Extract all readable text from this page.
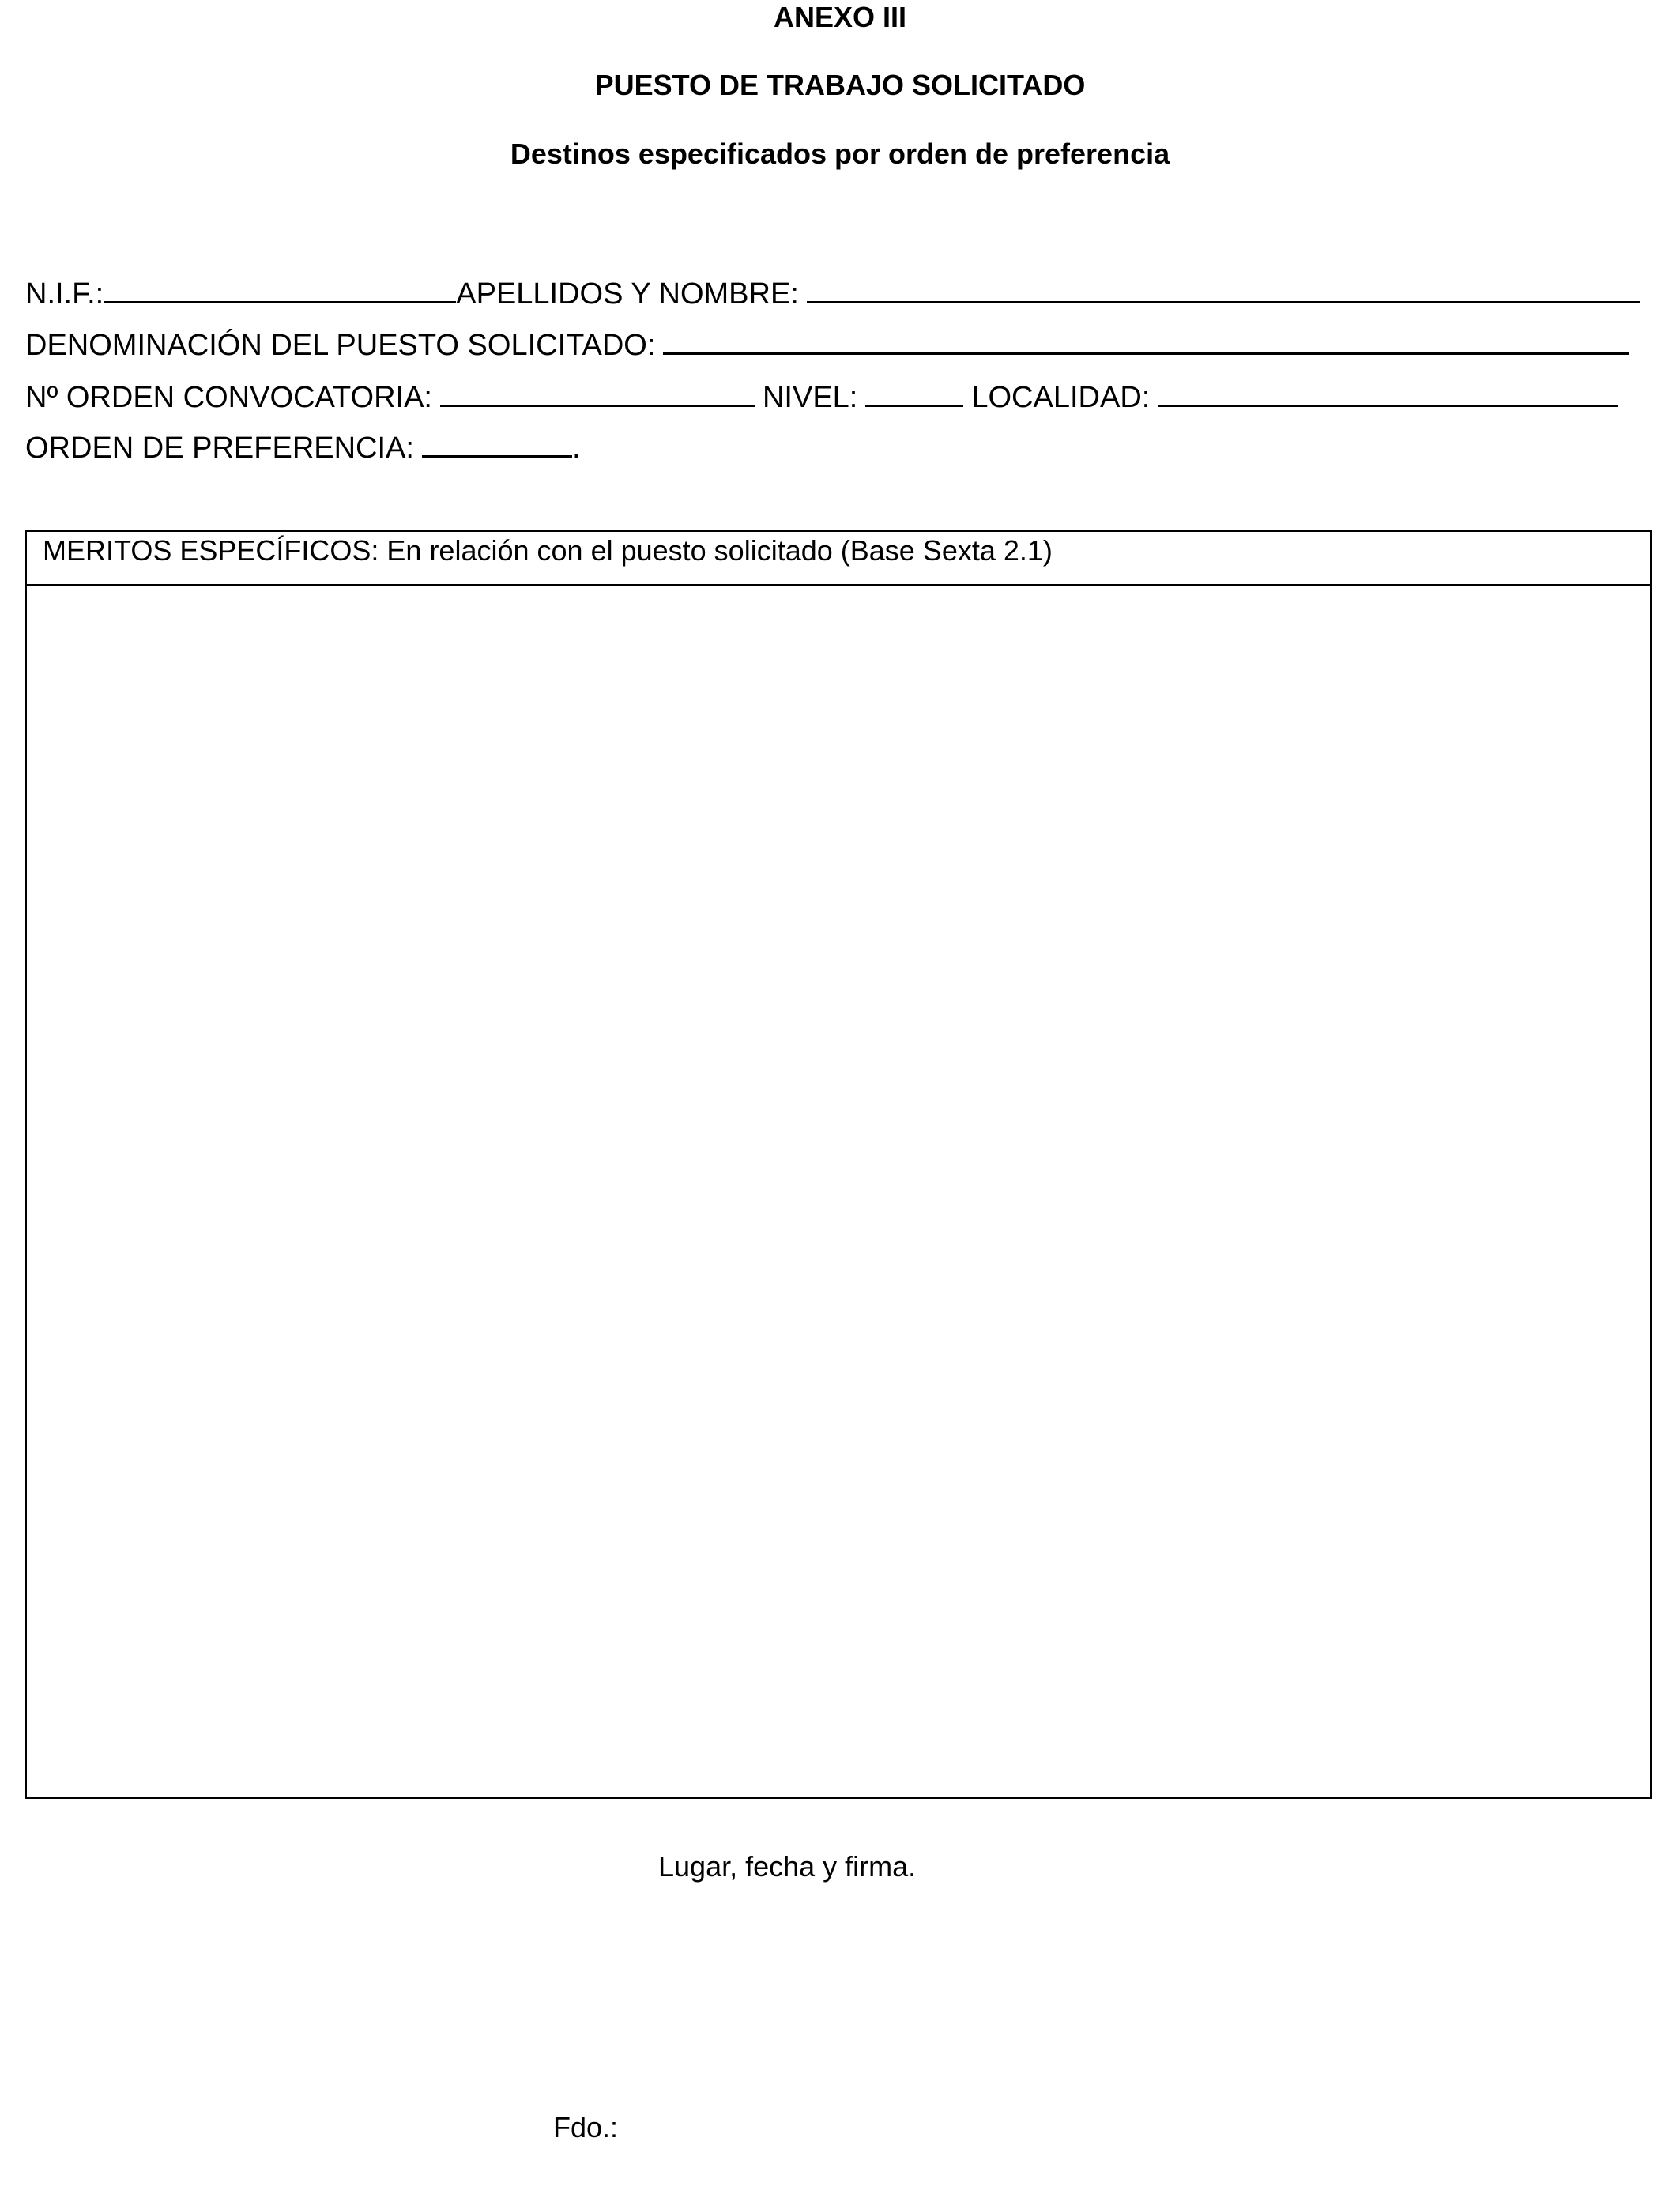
ANEXO III
PUESTO DE TRABAJO SOLICITADO
Destinos especificados por orden de preferencia
N.I.F.:	APELLIDOS Y NOMBRE:
DENOMINACIÓN DEL PUESTO SOLICITADO:
Nº ORDEN CONVOCATORIA:	NIVEL:	LOCALIDAD:
ORDEN DE PREFERENCIA:	.
MERITOS ESPECÍFICOS: En relación con el puesto solicitado (Base Sexta 2.1)
Lugar, fecha y firma.
Fdo.:
